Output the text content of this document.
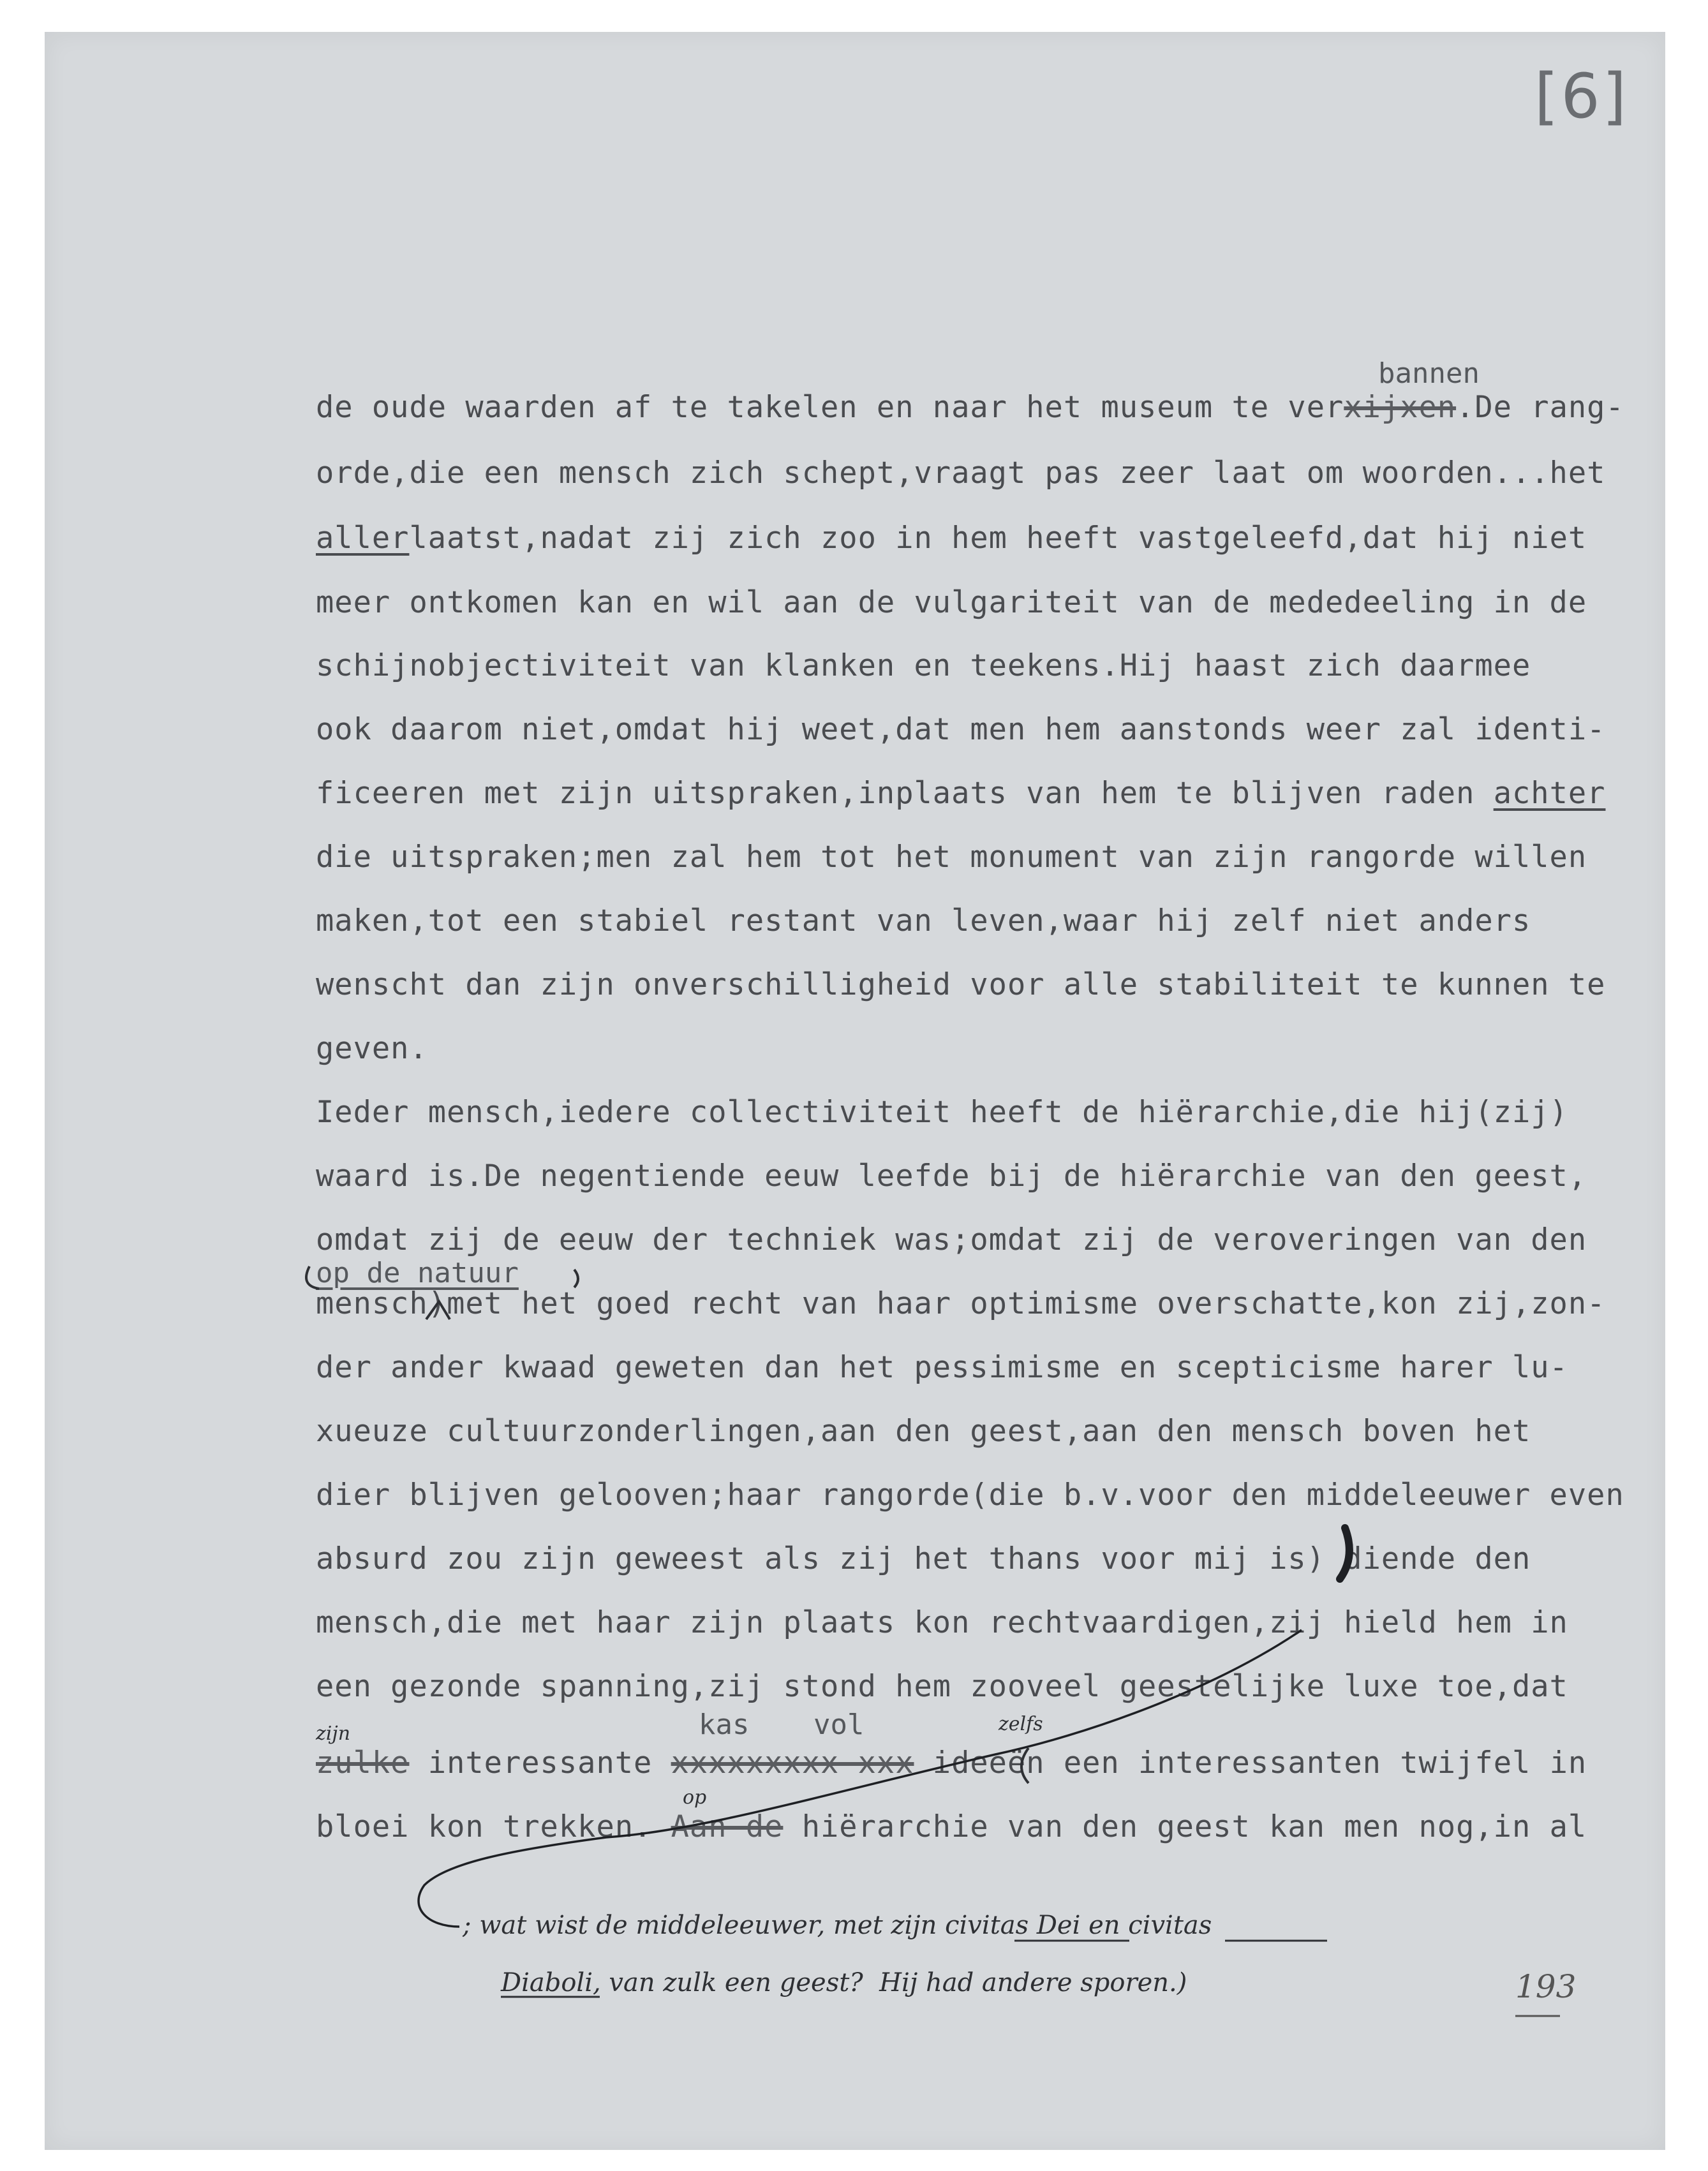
[6]
bannen
de oude waarden af te takelen en naar het museum te verxijxen.De rang-
orde,die een mensch zich schept,vraagt pas zeer laat om woorden...het
allerlaatst,nadat zij zich zoo in hem heeft vastgeleefd,dat hij niet
meer ontkomen kan en wil aan de vulgariteit van de mededeeling in de
schijnobjectiviteit van klanken en teekens.Hij haast zich daarmee
ook daarom niet,omdat hij weet,dat men hem aanstonds weer zal identi-
ficeeren met zijn uitspraken,inplaats van hem te blijven raden achter
die uitspraken;men zal hem tot het monument van zijn rangorde willen
maken,tot een stabiel restant van leven,waar hij zelf niet anders
wenscht dan zijn onverschilligheid voor alle stabiliteit te kunnen te
geven.
Ieder mensch,iedere collectiviteit heeft de hiërarchie,die hij(zij)
waard is.De negentiende eeuw leefde bij de hiërarchie van den geest,
omdat zij de eeuw der techniek was;omdat zij de veroveringen van den
op de natuur
mensch)met het goed recht van haar optimisme overschatte,kon zij,zon-
der ander kwaad geweten dan het pessimisme en scepticisme harer lu-
xueuze cultuurzonderlingen,aan den geest,aan den mensch boven het
dier blijven gelooven;haar rangorde(die b.v.voor den middeleeuwer even
absurd zou zijn geweest als zij het thans voor mij is) diende den
mensch,die met haar zijn plaats kon rechtvaardigen,zij hield hem in
een gezonde spanning,zij stond hem zooveel geestelijke luxe toe,dat
kas vol
zijn	zelfs
zulke interessante xxxxxxxxx xxx ideeën een interessanten twijfel in
op
bloei kon trekken. Aan de hiërarchie van den geest kan men nog,in al
; wat wist de middeleeuwer, met zijn civitas Dei en civitas
Diaboli, van zulk een geest?  Hij had andere sporen.)	193
